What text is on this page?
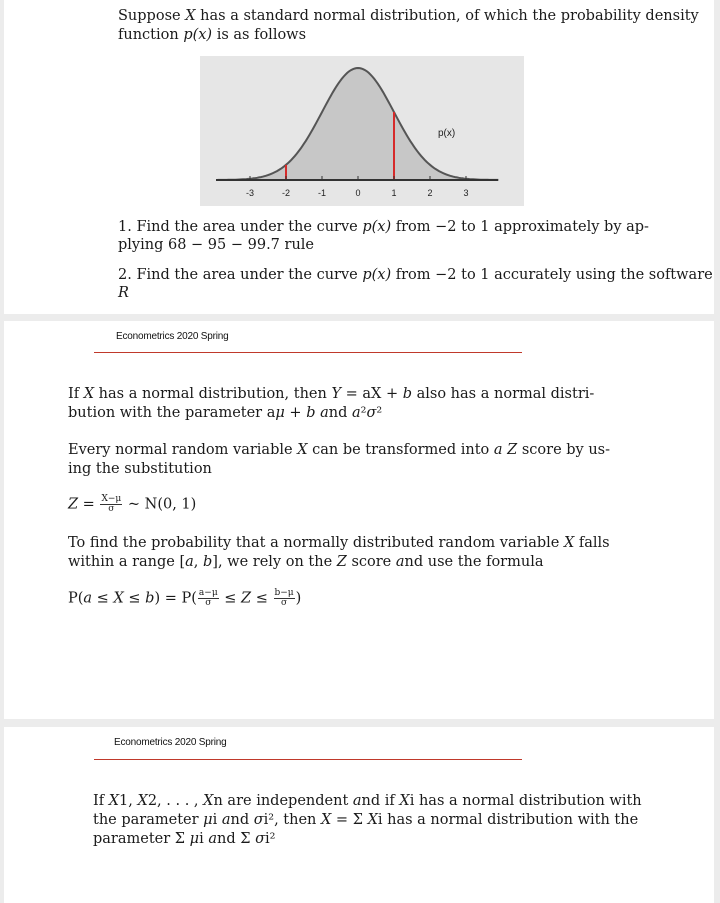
Suppose X has a standard normal distribution, of which the probability density

function p(x) is as follows

-3	-2	-1	0	1	2	3
p(x)

1. Find the area under the curve p(x) from −2 to 1 approximately by ap-

plying 68 − 95 − 99.7 rule

2. Find the area under the curve p(x) from −2 to 1 accurately using the software

R

Econometrics 2020 Spring

If X has a normal distribution, then Y = aX + b also has a normal distri-

bution with the parameter aμ + b and a²σ²

Every normal random variable X can be transformed into a Z score by us-

ing the substitution

$Z = \frac{X-\mu}{\sigma}$ ~ N(0, 1)

To find the probability that a normally distributed random variable X falls

within a range [a, b], we rely on the Z score and use the formula

$P(a \le X \le b) = P( \frac{a-\mu}{\sigma} \le Z \le \frac{b-\mu}{\sigma}$ )

Econometrics 2020 Spring

If X1, X2, . . . , Xn are independent and if Xi has a normal distribution with

the parameter μi and σi², then X = Σ Xi has a normal distribution with the

parameter Σ μi and Σ σi²
